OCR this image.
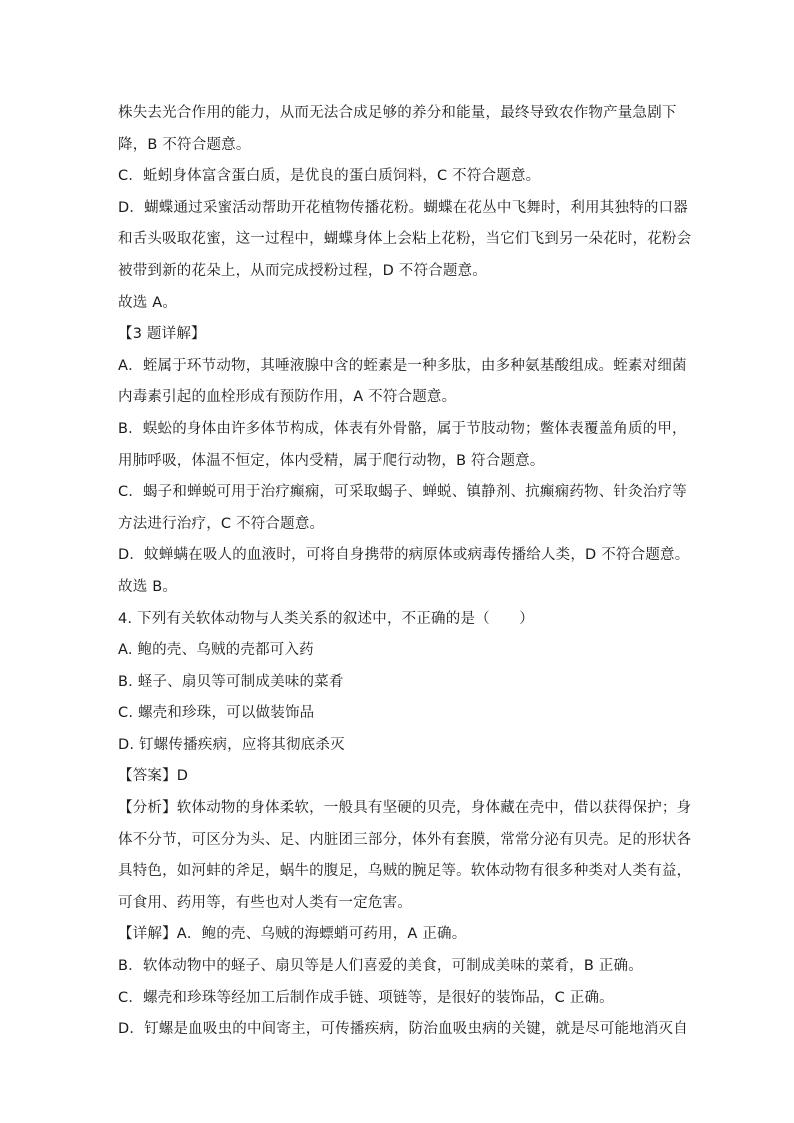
株失去光合作用的能力，从而无法合成足够的养分和能量，最终导致农作物产量急剧下
降，B 不符合题意。
C．蚯蚓身体富含蛋白质，是优良的蛋白质饲料，C 不符合题意。
D．蝴蝶通过采蜜活动帮助开花植物传播花粉。蝴蝶在花丛中飞舞时，利用其独特的口器
和舌头吸取花蜜，这一过程中，蝴蝶身体上会粘上花粉，当它们飞到另一朵花时，花粉会
被带到新的花朵上，从而完成授粉过程，D 不符合题意。
故选 A。
【3 题详解】
A．蛭属于环节动物，其唾液腺中含的蛭素是一种多肽，由多种氨基酸组成。蛭素对细菌
内毒素引起的血栓形成有预防作用，A 不符合题意。
B．蜈蚣的身体由许多体节构成，体表有外骨骼，属于节肢动物；鳖体表覆盖角质的甲，
用肺呼吸，体温不恒定，体内受精，属于爬行动物，B 符合题意。
C．蝎子和蝉蜕可用于治疗癫痫，可采取蝎子、蝉蜕、镇静剂、抗癫痫药物、针灸治疗等
方法进行治疗，C 不符合题意。
D．蚊蝉螨在吸人的血液时，可将自身携带的病原体或病毒传播给人类，D 不符合题意。
故选 B。
4. 下列有关软体动物与人类关系的叙述中，不正确的是（　　）
A. 鲍的壳、乌贼的壳都可入药
B. 蛏子、扇贝等可制成美味的菜肴
C. 螺壳和珍珠，可以做装饰品
D. 钉螺传播疾病，应将其彻底杀灭
【答案】D
【分析】软体动物的身体柔软，一般具有坚硬的贝壳，身体藏在壳中，借以获得保护；身
体不分节，可区分为头、足、内脏团三部分，体外有套膜，常常分泌有贝壳。足的形状各
具特色，如河蚌的斧足，蜗牛的腹足，乌贼的腕足等。软体动物有很多种类对人类有益，
可食用、药用等，有些也对人类有一定危害。
【详解】A．鲍的壳、乌贼的海螵蛸可药用，A 正确。
B．软体动物中的蛏子、扇贝等是人们喜爱的美食，可制成美味的菜肴，B 正确。
C．螺壳和珍珠等经加工后制作成手链、项链等，是很好的装饰品，C 正确。
D．钉螺是血吸虫的中间寄主，可传播疾病，防治血吸虫病的关键，就是尽可能地消灭自
